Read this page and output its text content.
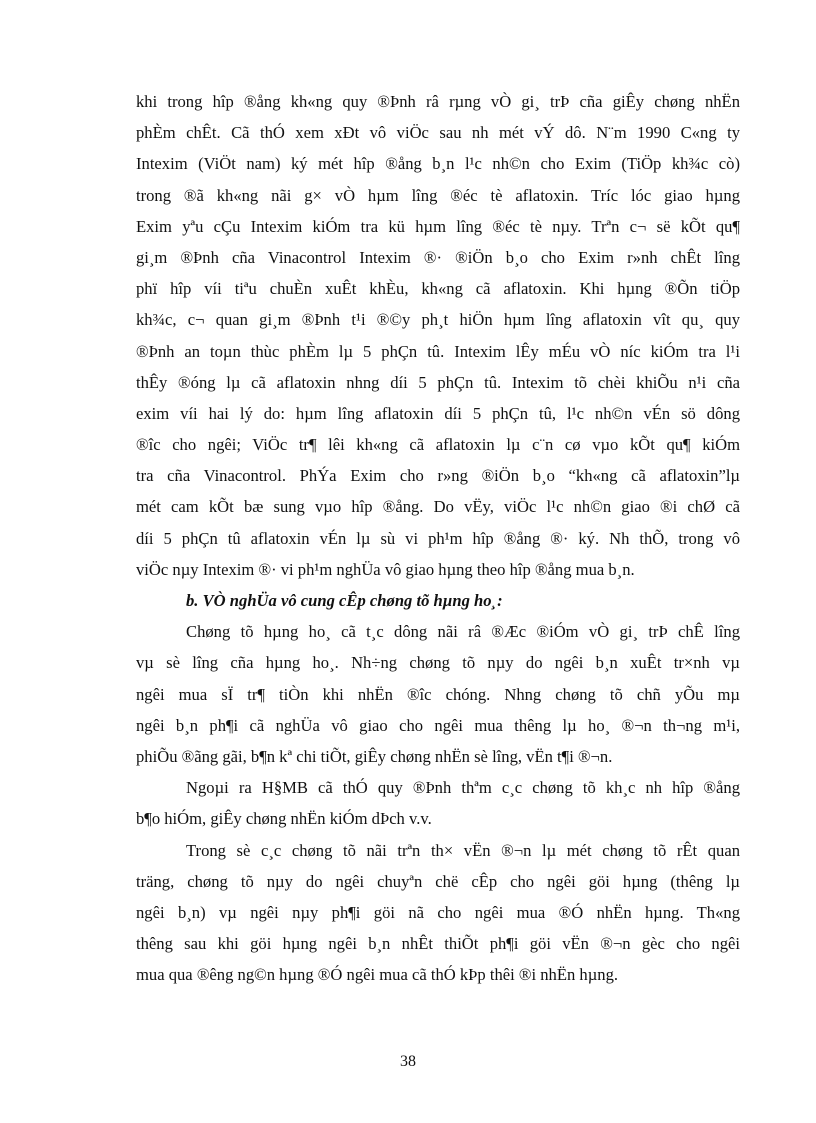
khi trong hîp ®ång kh«ng quy ®Þnh râ rµng vÒ gi¸ trÞ cña giÊy chøng nhËn
phÈm chÊt. Cã thÓ xem xÐt vô viÖc sau nh mét vÝ dô. N¨m 1990 C«ng ty
Intexim (ViÖt nam) ký mét hîp ®ång b¸n l¹c nh©n cho Exim (TiÖp kh¾c cò)
trong ®ã kh«ng nãi g× vÒ hµm lîng ®éc tè aflatoxin. Tríc lóc giao hµng
Exim yªu cÇu Intexim kiÓm tra kü hµm lîng ®éc tè nµy. Trªn c¬ së kÕt qu¶
gi¸m ®Þnh cña Vinacontrol Intexim ®· ®iÖn b¸o cho Exim r»nh chÊt lîng
phï hîp víi tiªu chuÈn xuÊt khÈu, kh«ng cã aflatoxin. Khi hµng ®Õn tiÖp
kh¾c, c¬ quan gi¸m ®Þnh t¹i ®©y ph¸t hiÖn hµm lîng aflatoxin vît qu¸ quy
®Þnh an toµn thùc phÈm lµ 5 phÇn tû. Intexim lÊy mÉu vÒ níc kiÓm tra l¹i
thÊy ®óng lµ cã aflatoxin nhng díi 5 phÇn tû. Intexim tõ chèi khiÕu n¹i cña
exim víi hai lý do: hµm lîng aflatoxin díi 5 phÇn tû, l¹c nh©n vÉn sö dông
®îc cho ngêi; ViÖc tr¶ lêi kh«ng cã aflatoxin lµ c¨n cø vµo kÕt qu¶ kiÓm
tra cña Vinacontrol. PhÝa Exim cho r»ng ®iÖn b¸o “kh«ng cã aflatoxin”lµ
mét cam kÕt bæ sung vµo hîp ®ång. Do vËy, viÖc l¹c nh©n giao ®i chØ cã
díi 5 phÇn tû aflatoxin vÉn lµ sù vi ph¹m hîp ®ång ®· ký. Nh thÕ, trong vô
viÖc nµy Intexim ®· vi ph¹m nghÜa vô giao hµng theo hîp ®ång mua b¸n.
b. VÒ nghÜa vô cung cÊp chøng tõ hµng ho¸:
Chøng tõ hµng ho¸ cã t¸c dông nãi râ ®Æc ®iÓm vÒ gi¸ trÞ chÊ lîng
vµ sè lîng cña hµng ho¸. Nh÷ng chøng tõ nµy do ngêi b¸n xuÊt tr×nh vµ
ngêi mua sÏ tr¶ tiÒn khi nhËn ®îc chóng. Nhng chøng tõ chñ yÕu mµ
ngêi b¸n ph¶i cã nghÜa vô giao cho ngêi mua thêng lµ ho¸ ®¬n th¬ng m¹i,
phiÕu ®ãng gãi, b¶n kª chi tiÕt, giÊy chøng nhËn sè lîng, vËn t¶i ®¬n.
Ngoµi ra H§MB cã thÓ quy ®Þnh thªm c¸c chøng tõ kh¸c nh hîp ®ång
b¶o hiÓm, giÊy chøng nhËn kiÓm dÞch v.v.
Trong sè c¸c chøng tõ nãi trªn th× vËn ®¬n lµ mét chøng tõ rÊt quan
träng, chøng tõ nµy do ngêi chuyªn chë cÊp cho ngêi göi hµng (thêng lµ
ngêi b¸n) vµ ngêi nµy ph¶i göi nã cho ngêi mua ®Ó nhËn hµng. Th«ng
thêng sau khi göi hµng ngêi b¸n nhÊt thiÕt ph¶i göi vËn ®¬n gèc cho ngêi
mua qua ®êng ng©n hµng ®Ó ngêi mua cã thÓ kÞp thêi ®i nhËn hµng.
38
